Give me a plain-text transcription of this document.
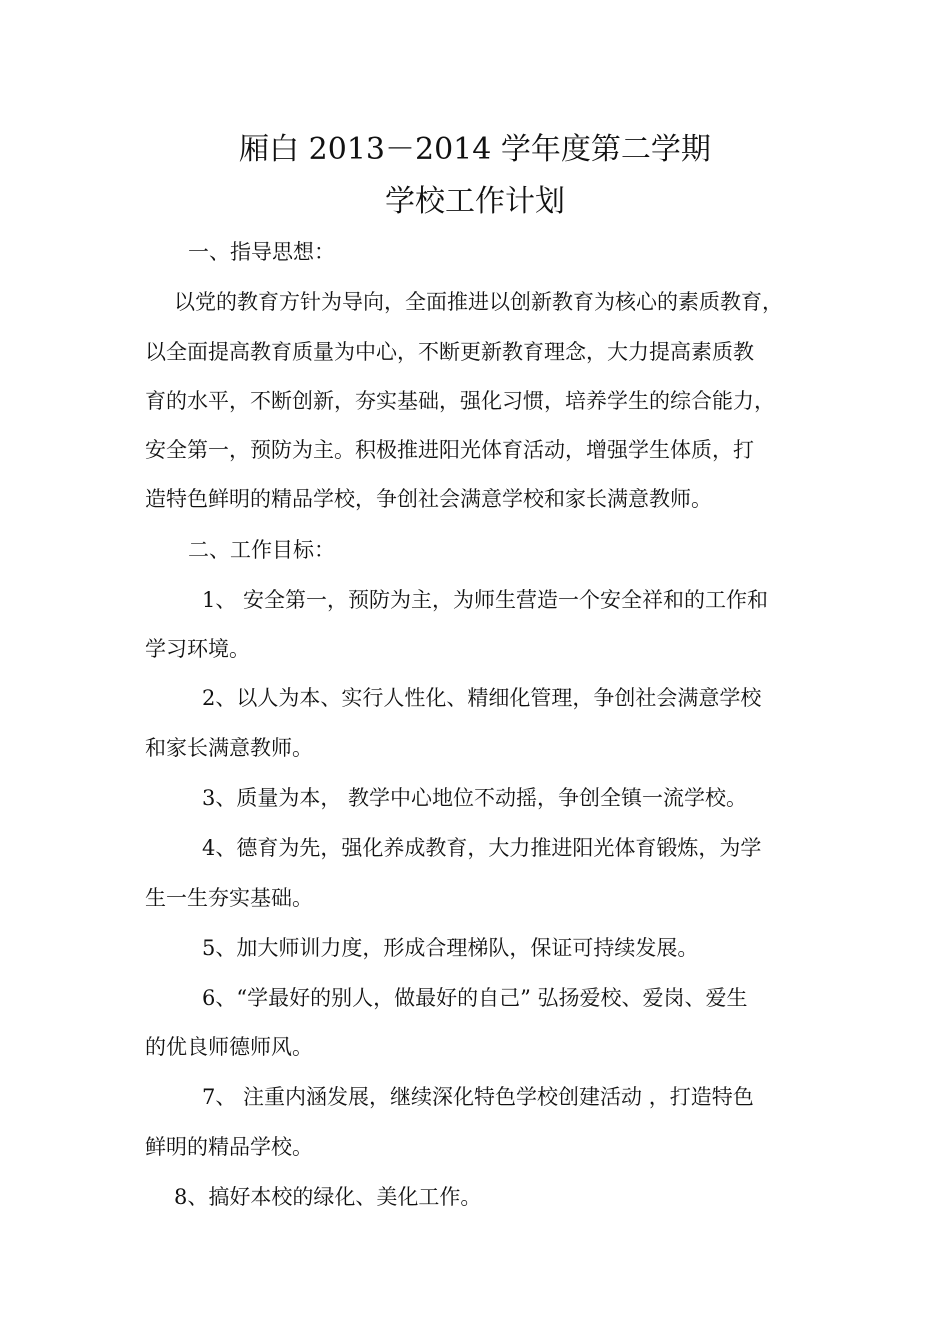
厢白 2013－2014 学年度第二学期
学校工作计划
一、指导思想：
以党的教育方针为导向，全面推进以创新教育为核心的素质教育，
以全面提高教育质量为中心，不断更新教育理念，大力提高素质教
育的水平，不断创新，夯实基础，强化习惯，培养学生的综合能力，
安全第一，预防为主。积极推进阳光体育活动，增强学生体质，打
造特色鲜明的精品学校，争创社会满意学校和家长满意教师。
二、工作目标：
1、 安全第一，预防为主，为师生营造一个安全祥和的工作和
学习环境。
2、以人为本、实行人性化、精细化管理，争创社会满意学校
和家长满意教师。
3、质量为本， 教学中心地位不动摇，争创全镇一流学校。
4、德育为先，强化养成教育，大力推进阳光体育锻炼，为学
生一生夯实基础。
5、加大师训力度，形成合理梯队，保证可持续发展。
6、“学最好的别人，做最好的自己” 弘扬爱校、爱岗、爱生
的优良师德师风。
7、 注重内涵发展，继续深化特色学校创建活动 ，打造特色
鲜明的精品学校。
8、搞好本校的绿化、美化工作。
